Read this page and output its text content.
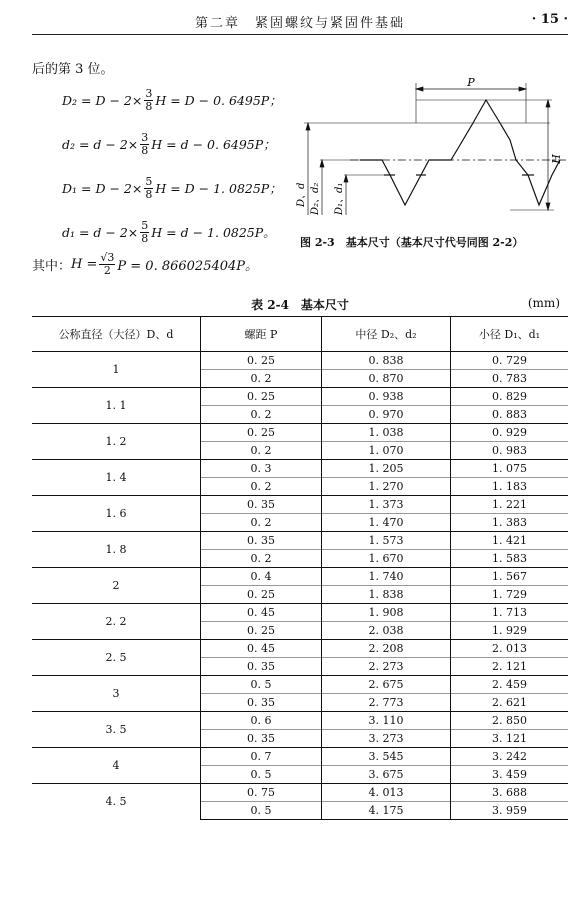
第二章　紧固螺纹与紧固件基础	· 15 ·
后的第 3 位。
$D_2 = D - 2\times \frac{3}{8}$ H = D − 0. 6495P；
$d_2 = d - 2\times \frac{3}{8}$ H = d − 0. 6495P；
$D_1 = D - 2\times \frac{5}{8}$ H = D − 1. 0825P；
$d_1 = d - 2\times \frac{5}{8}$ H = d − 1. 0825P。
其中： $H = \frac{√3}{2}$ P = 0. 866025404P。
P
H
D、d D₂、d₂ D₁、d₁
图 2-3　基本尺寸（基本尺寸代号同图 2-2）
表 2-4　基本尺寸	(mm)
公称直径（大径）D、d	螺距 P	中径 D₂、d₂	小径 D₁、d₁
1	0. 25	0. 838	0. 729
	0. 2	0. 870	0. 783
1. 1	0. 25	0. 938	0. 829
	0. 2	0. 970	0. 883
1. 2	0. 25	1. 038	0. 929
	0. 2	1. 070	0. 983
1. 4	0. 3	1. 205	1. 075
	0. 2	1. 270	1. 183
1. 6	0. 35	1. 373	1. 221
	0. 2	1. 470	1. 383
1. 8	0. 35	1. 573	1. 421
	0. 2	1. 670	1. 583
2	0. 4	1. 740	1. 567
	0. 25	1. 838	1. 729
2. 2	0. 45	1. 908	1. 713
	0. 25	2. 038	1. 929
2. 5	0. 45	2. 208	2. 013
	0. 35	2. 273	2. 121
3	0. 5	2. 675	2. 459
	0. 35	2. 773	2. 621
3. 5	0. 6	3. 110	2. 850
	0. 35	3. 273	3. 121
4	0. 7	3. 545	3. 242
	0. 5	3. 675	3. 459
4. 5	0. 75	4. 013	3. 688
	0. 5	4. 175	3. 959
